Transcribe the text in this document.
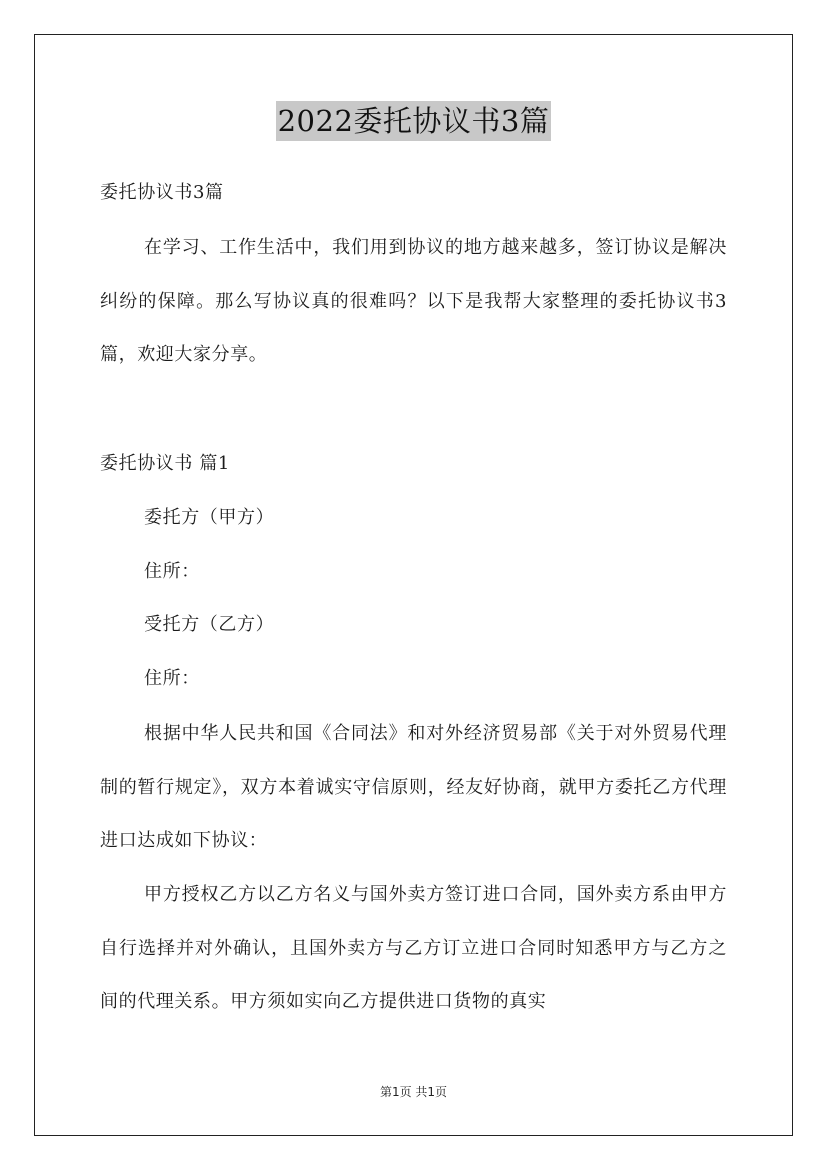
2022委托协议书3篇
委托协议书3篇
在学习、工作生活中，我们用到协议的地方越来越多，签订协议是解决纠纷的保障。那么写协议真的很难吗？以下是我帮大家整理的委托协议书3篇，欢迎大家分享。
委托协议书 篇1
委托方（甲方）
住所：
受托方（乙方）
住所：
根据中华人民共和国《合同法》和对外经济贸易部《关于对外贸易代理制的暂行规定》，双方本着诚实守信原则，经友好协商，就甲方委托乙方代理进口达成如下协议：
甲方授权乙方以乙方名义与国外卖方签订进口合同，国外卖方系由甲方自行选择并对外确认，且国外卖方与乙方订立进口合同时知悉甲方与乙方之间的代理关系。甲方须如实向乙方提供进口货物的真实
第1页 共1页
